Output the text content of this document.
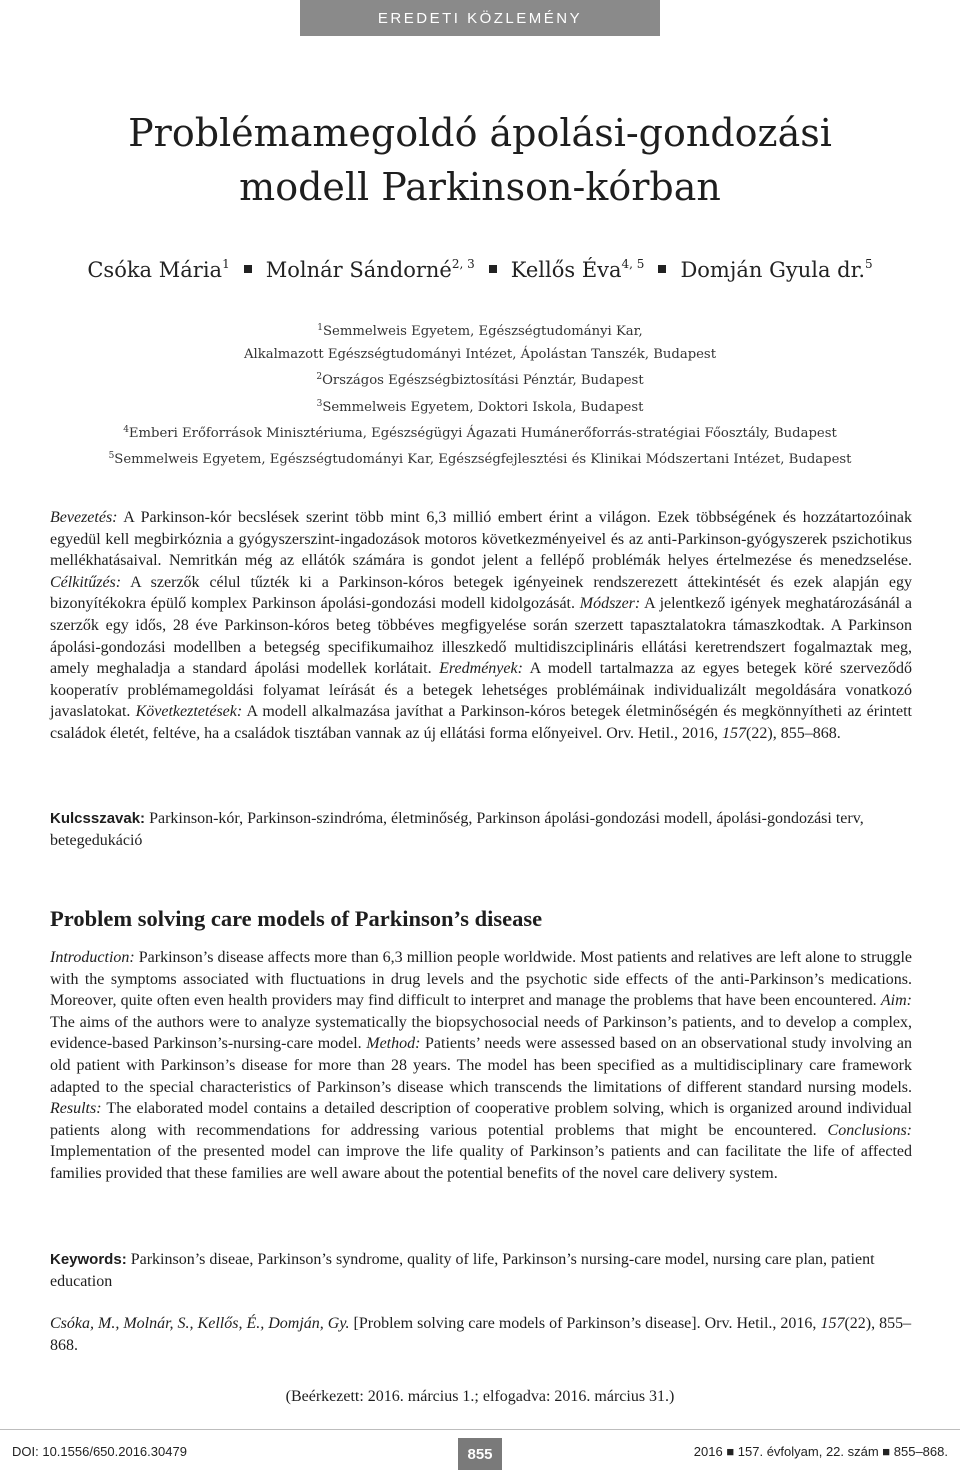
EREDETI KÖZLEMÉNY
Problémamegoldó ápolási-gondozási
modell Parkinson-kórban
Csóka Mária$^1$ Molnár Sándorné$^{2, 3}$ Kellős Éva$^{4, 5}$ Domján Gyula dr.$^5$
$^1$Semmelweis Egyetem, Egészségtudományi Kar,
Alkalmazott Egészségtudományi Intézet, Ápolástan Tanszék, Budapest
$^2$Országos Egészségbiztosítási Pénztár, Budapest
$^3$Semmelweis Egyetem, Doktori Iskola, Budapest
$^4$Emberi Erőforrások Minisztériuma, Egészségügyi Ágazati Humánerőforrás-stratégiai Főosztály, Budapest
$^5$Semmelweis Egyetem, Egészségtudományi Kar, Egészségfejlesztési és Klinikai Módszertani Intézet, Budapest

Bevezetés: A Parkinson-kór becslések szerint több mint 6,3 millió embert érint a világon. Ezek többségének és hozzátartozóinak egyedül kell megbirkóznia a gyógyszerszint-ingadozások motoros következményeivel és az anti-Parkinson-gyógyszerek pszichotikus mellékhatásaival. Nemritkán még az ellátók számára is gondot jelent a fellépő problémák helyes értelmezése és menedzselése. Célkitűzés: A szerzők célul tűzték ki a Parkinson-kóros betegek igényeinek rendszerezett áttekintését és ezek alapján egy bizonyítékokra épülő komplex Parkinson ápolási-gondozási modell kidolgozását. Módszer: A jelentkező igények meghatározásánál a szerzők egy idős, 28 éve Parkinson-kóros beteg többéves megfigyelése során szerzett tapasztalatokra támaszkodtak. A Parkinson ápolási-gondozási modellben a betegség specifikumaihoz illeszkedő multidiszciplináris ellátási keretrendszert fogalmaztak meg, amely meghaladja a standard ápolási modellek korlátait. Eredmények: A modell tartalmazza az egyes betegek köré szerveződő kooperatív problémamegoldási folyamat leírását és a betegek lehetséges problémáinak individualizált megoldására vonatkozó javaslatokat. Következtetések: A modell alkalmazása javíthat a Parkinson-kóros betegek életminőségén és megkönnyítheti az érintett családok életét, feltéve, ha a családok tisztában vannak az új ellátási forma előnyeivel. Orv. Hetil., 2016, 157(22), 855–868.

Kulcsszavak: Parkinson-kór, Parkinson-szindróma, életminőség, Parkinson ápolási-gondozási modell, ápolási-gondozási terv, betegedukáció

Problem solving care models of Parkinson’s disease

Introduction: Parkinson’s disease affects more than 6,3 million people worldwide. Most patients and relatives are left alone to struggle with the symptoms associated with fluctuations in drug levels and the psychotic side effects of the anti-Parkinson’s medications. Moreover, quite often even health providers may find difficult to interpret and manage the problems that have been encountered. Aim: The aims of the authors were to analyze systematically the biopsychosocial needs of Parkinson’s patients, and to develop a complex, evidence-based Parkinson’s-nursing-care model. Method: Patients’ needs were assessed based on an observational study involving an old patient with Parkinson’s disease for more than 28 years. The model has been specified as a multidisciplinary care framework adapted to the special characteristics of Parkinson’s disease which transcends the limitations of different standard nursing models. Results: The elaborated model contains a detailed description of cooperative problem solving, which is organized around individual patients along with recommendations for addressing various potential problems that might be encountered. Conclusions: Implementation of the presented model can improve the life quality of Parkinson’s patients and can facilitate the life of affected families provided that these families are well aware about the potential benefits of the novel care delivery system.

Keywords: Parkinson’s diseae, Parkinson’s syndrome, quality of life, Parkinson’s nursing-care model, nursing care plan, patient education

Csóka, M., Molnár, S., Kellős, É., Domján, Gy. [Problem solving care models of Parkinson’s disease]. Orv. Hetil., 2016, 157(22), 855–868.

(Beérkezett: 2016. március 1.; elfogadva: 2016. március 31.)
DOI: 10.1556/650.2016.30479	855	2016 ■ 157. évfolyam, 22. szám ■ 855–868.
